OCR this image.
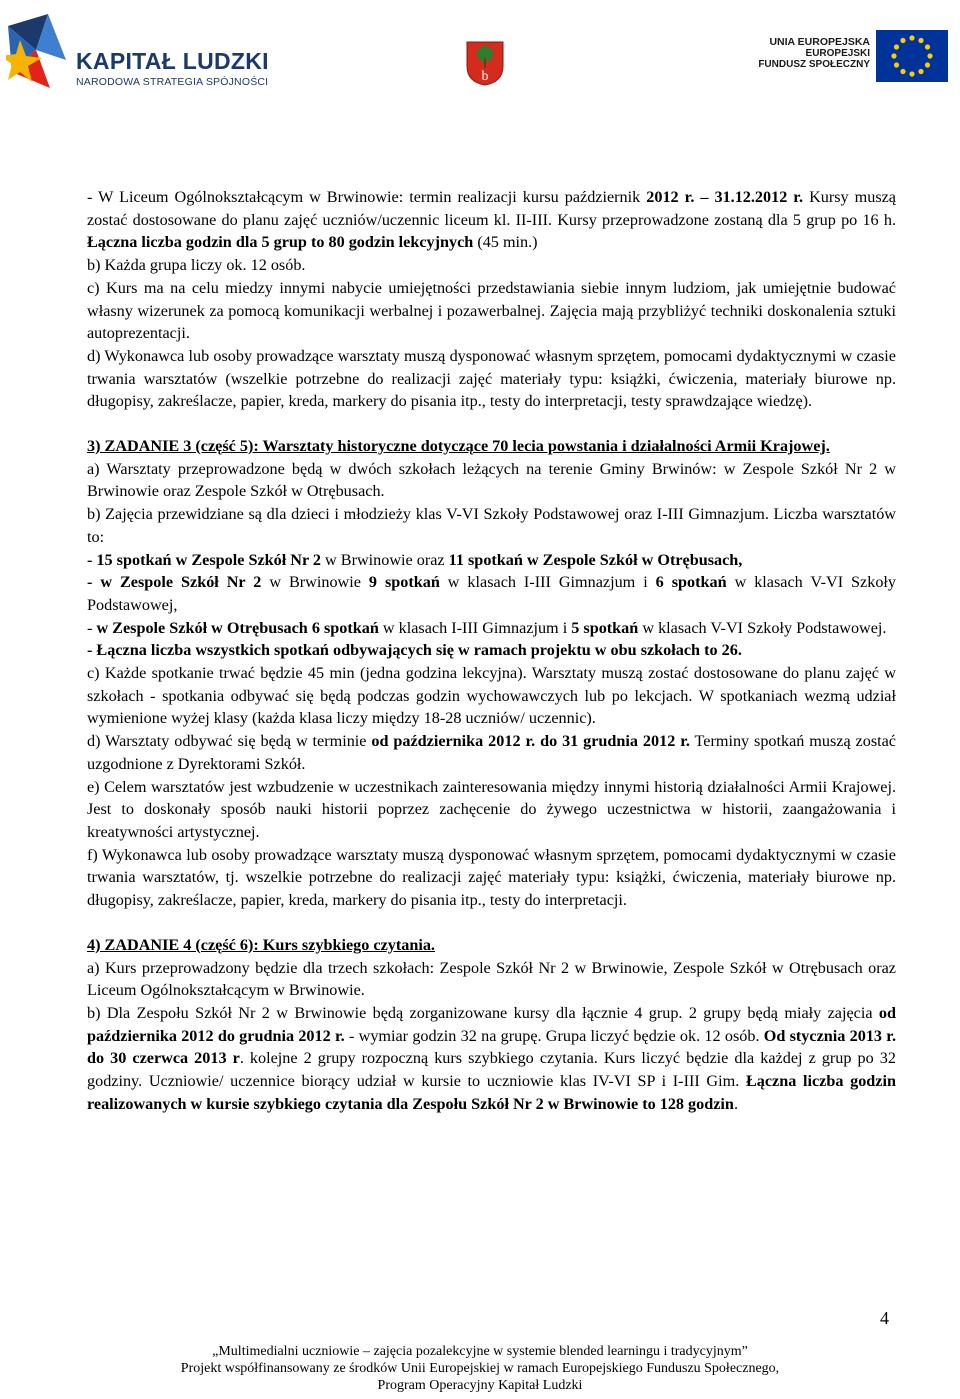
KAPITAŁ LUDZKI
NARODOWA STRATEGIA SPÓJNOŚCI	b
UNIA EUROPEJSKA
EUROPEJSKI
FUNDUSZ SPOŁECZNY

- W Liceum Ogólnokształcącym w Brwinowie: termin realizacji kursu październik 2012 r. – 31.12.2012 r. Kursy muszą zostać dostosowane do planu zajęć uczniów/uczennic liceum kl. II-III. Kursy przeprowadzone zostaną dla 5 grup po 16 h. Łączna liczba godzin dla 5 grup to 80 godzin lekcyjnych (45 min.)

b) Każda grupa liczy ok. 12 osób.

c) Kurs ma na celu miedzy innymi nabycie umiejętności przedstawiania siebie innym ludziom, jak umiejętnie budować własny wizerunek za pomocą komunikacji werbalnej i pozawerbalnej. Zajęcia mają przybliżyć techniki doskonalenia sztuki autoprezentacji.

d) Wykonawca lub osoby prowadzące warsztaty muszą dysponować własnym sprzętem, pomocami dydaktycznymi w czasie trwania warsztatów (wszelkie potrzebne do realizacji zajęć materiały typu: książki, ćwiczenia, materiały biurowe np. długopisy, zakreślacze, papier, kreda, markery do pisania itp., testy do interpretacji, testy sprawdzające wiedzę).

3) ZADANIE 3 (część 5): Warsztaty historyczne dotyczące 70 lecia powstania i działalności Armii Krajowej.

a) Warsztaty przeprowadzone będą w dwóch szkołach leżących na terenie Gminy Brwinów: w Zespole Szkół Nr 2 w Brwinowie oraz Zespole Szkół w Otrębusach.

b) Zajęcia przewidziane są dla dzieci i młodzieży klas V-VI Szkoły Podstawowej oraz I-III Gimnazjum. Liczba warsztatów to:

- 15 spotkań w Zespole Szkół Nr 2 w Brwinowie oraz 11 spotkań w Zespole Szkół w Otrębusach,

- w Zespole Szkół Nr 2 w Brwinowie 9 spotkań w klasach I-III Gimnazjum i 6 spotkań w klasach V-VI Szkoły Podstawowej,

- w Zespole Szkół w Otrębusach 6 spotkań w klasach I-III Gimnazjum i 5 spotkań w klasach V-VI Szkoły Podstawowej.

- Łączna liczba wszystkich spotkań odbywających się w ramach projektu w obu szkołach to 26.

c) Każde spotkanie trwać będzie 45 min (jedna godzina lekcyjna). Warsztaty muszą zostać dostosowane do planu zajęć w szkołach - spotkania odbywać się będą podczas godzin wychowawczych lub po lekcjach. W spotkaniach wezmą udział wymienione wyżej klasy (każda klasa liczy między 18-28 uczniów/ uczennic).

d) Warsztaty odbywać się będą w terminie od października 2012 r. do 31 grudnia 2012 r. Terminy spotkań muszą zostać uzgodnione z Dyrektorami Szkół.

e) Celem warsztatów jest wzbudzenie w uczestnikach zainteresowania między innymi historią działalności Armii Krajowej. Jest to doskonały sposób nauki historii poprzez zachęcenie do żywego uczestnictwa w historii, zaangażowania i kreatywności artystycznej.

f) Wykonawca lub osoby prowadzące warsztaty muszą dysponować własnym sprzętem, pomocami dydaktycznymi w czasie trwania warsztatów, tj. wszelkie potrzebne do realizacji zajęć materiały typu: książki, ćwiczenia, materiały biurowe np. długopisy, zakreślacze, papier, kreda, markery do pisania itp., testy do interpretacji.

4) ZADANIE 4 (część 6): Kurs szybkiego czytania.

a) Kurs przeprowadzony będzie dla trzech szkołach: Zespole Szkół Nr 2 w Brwinowie, Zespole Szkół w Otrębusach oraz Liceum Ogólnokształcącym w Brwinowie.

b) Dla Zespołu Szkół Nr 2 w Brwinowie będą zorganizowane kursy dla łącznie 4 grup. 2 grupy będą miały zajęcia od października 2012 do grudnia 2012 r. - wymiar godzin 32 na grupę. Grupa liczyć będzie ok. 12 osób. Od stycznia 2013 r. do 30 czerwca 2013 r. kolejne 2 grupy rozpoczną kurs szybkiego czytania. Kurs liczyć będzie dla każdej z grup po 32 godziny. Uczniowie/ uczennice biorący udział w kursie to uczniowie klas IV-VI SP i I-III Gim. Łączna liczba godzin realizowanych w kursie szybkiego czytania dla Zespołu Szkół Nr 2 w Brwinowie to 128 godzin.

4
„Multimedialni uczniowie – zajęcia pozalekcyjne w systemie blended learningu i tradycyjnym”
Projekt współfinansowany ze środków Unii Europejskiej w ramach Europejskiego Funduszu Społecznego,
Program Operacyjny Kapitał Ludzki
